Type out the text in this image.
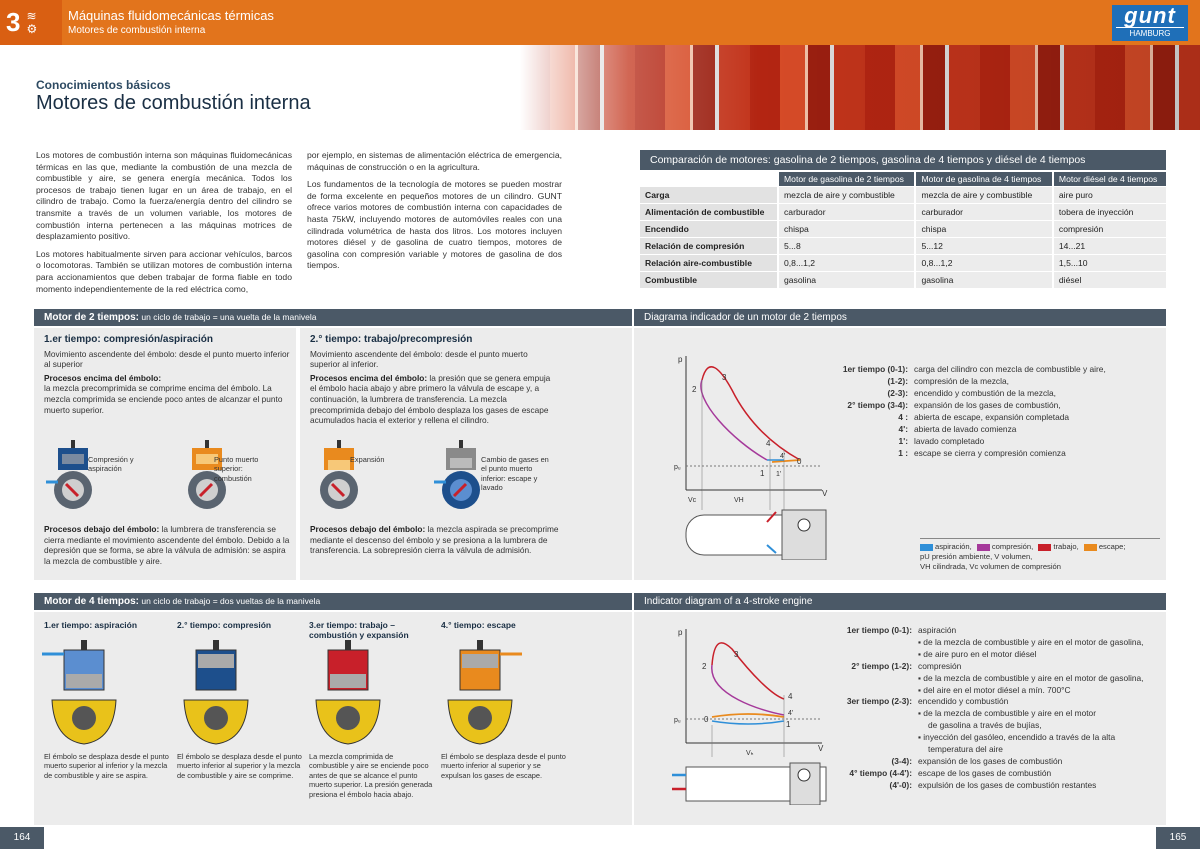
3 ≋
⚙
Máquinas fluidomecánicas térmicas
Motores de combustión interna
gunt
HAMBURG
Conocimientos básicos
Motores de combustión interna

Los motores de combustión interna son máquinas fluidomecánicas térmicas en las que, mediante la combustión de una mezcla de combustible y aire, se genera energía mecánica. Todos los procesos de trabajo tienen lugar en un área de trabajo, en el cilindro de trabajo. Como la fuerza/energía dentro del cilindro se transmite a través de un volumen variable, los motores de combustión interna pertenecen a las máquinas motrices de desplazamiento positivo.

Los motores habitualmente sirven para accionar vehículos, barcos o locomotoras. También se utilizan motores de combustión interna para accionamientos que deben trabajar de forma fiable en todo momento independientemente de la red eléctrica como,

por ejemplo, en sistemas de alimentación eléctrica de emergencia, máquinas de construcción o en la agricultura.

Los fundamentos de la tecnología de motores se pueden mostrar de forma excelente en pequeños motores de un cilindro. GUNT ofrece varios motores de combustión interna con capacidades de hasta 75kW, incluyendo motores de automóviles reales con una cilindrada volumétrica de hasta dos litros. Los motores incluyen motores diésel y de gasolina de cuatro tiempos, motores de gasolina con compresión variable y motores de gasolina de dos tiempos.

Comparación de motores: gasolina de 2 tiempos, gasolina de 4 tiempos y diésel de 4 tiempos
	Motor de gasolina de 2 tiempos	Motor de gasolina de 4 tiempos	Motor diésel de 4 tiempos
Carga	mezcla de aire y combustible	mezcla de aire y combustible	aire puro
Alimentación de combustible	carburador	carburador	tobera de inyección
Encendido	chispa	chispa	compresión
Relación de compresión	5...8	5...12	14...21
Relación aire-combustible	0,8...1,2	0,8...1,2	1,5...10
Combustible	gasolina	gasolina	diésel
Motor de 2 tiempos: un ciclo de trabajo = una vuelta de la manivela
1.er tiempo: compresión/aspiración
Movimiento ascendente del émbolo: desde el punto muerto inferior al superior
Procesos encima del émbolo:
la mezcla precomprimida se comprime encima del émbolo. La mezcla comprimida se enciende poco antes de alcanzar el punto muerto superior.
2.° tiempo: trabajo/precompresión
Movimiento ascendente del émbolo: desde el punto muerto superior al inferior.
Procesos encima del émbolo: la presión que se genera empuja el émbolo hacia abajo y abre primero la válvula de escape y, a continuación, la lumbrera de transferencia. La mezcla precomprimida debajo del émbolo desplaza los gases de escape acumulados hacia el exterior y rellena el cilindro.
Compresión y aspiración
Punto muerto superior: combustión
Expansión	Cambio de gases en el punto muerto inferior: escape y lavado
Procesos debajo del émbolo: la lumbrera de transferencia se cierra mediante el movimiento ascendente del émbolo. Debido a la depresión que se forma, se abre la válvula de admisión: se aspira la mezcla de combustible y aire.
Procesos debajo del émbolo: la mezcla aspirada se precomprime mediante el descenso del émbolo y se presiona a la lumbrera de transferencia. La sobrepresión cierra la válvula de admisión.
Diagrama indicador de un motor de 2 tiempos
p
V
pᵤ
Vc	VH
2
3
4
4'
0
1 1'
1er tiempo (0-1): carga del cilindro con mezcla de combustible y aire,
(1-2): compresión de la mezcla,
(2-3): encendido y combustión de la mezcla,
2° tiempo (3-4): expansión de los gases de combustión,
4 : abierta de escape, expansión completada
4': abierta de lavado comienza
1': lavado completado
1 : escape se cierra y compresión comienza
aspiración,	compresión,	trabajo,	escape;
pU presión ambiente, V volumen,
VH cilindrada, Vc volumen de compresión
Motor de 4 tiempos: un ciclo de trabajo = dos vueltas de la manivela
1.er tiempo: aspiración	2.° tiempo: compresión	3.er tiempo: trabajo – combustión y expansión
4.° tiempo: escape
El émbolo se desplaza desde el punto muerto superior al inferior y la mezcla de combustible y aire se aspira.
El émbolo se desplaza desde el punto muerto inferior al superior y la mezcla de combustible y aire se comprime.
La mezcla comprimida de combustible y aire se enciende poco antes de que se alcance el punto muerto superior. La presión generada presiona el émbolo hacia abajo.
El émbolo se desplaza desde el punto muerto inferior al superior y se expulsan los gases de escape.
Indicator diagram of a 4-stroke engine
p
V
pᵤ
Vₕ
2
3
4
4'
0
1
1er tiempo (0-1): aspiración
▪ de la mezcla de combustible y aire en el motor de gasolina,
▪ de aire puro en el motor diésel
2° tiempo (1-2): compresión
▪ de la mezcla de combustible y aire en el motor de gasolina,
▪ del aire en el motor diésel a mín. 700°C
3er tiempo (2-3): encendido y combustión
▪ de la mezcla de combustible y aire en el motor
de gasolina a través de bujías,
▪ inyección del gasóleo, encendido a través de la alta
temperatura del aire
(3-4): expansión de los gases de combustión
4° tiempo (4-4'): escape de los gases de combustión
(4'-0): expulsión de los gases de combustión restantes
164	165
